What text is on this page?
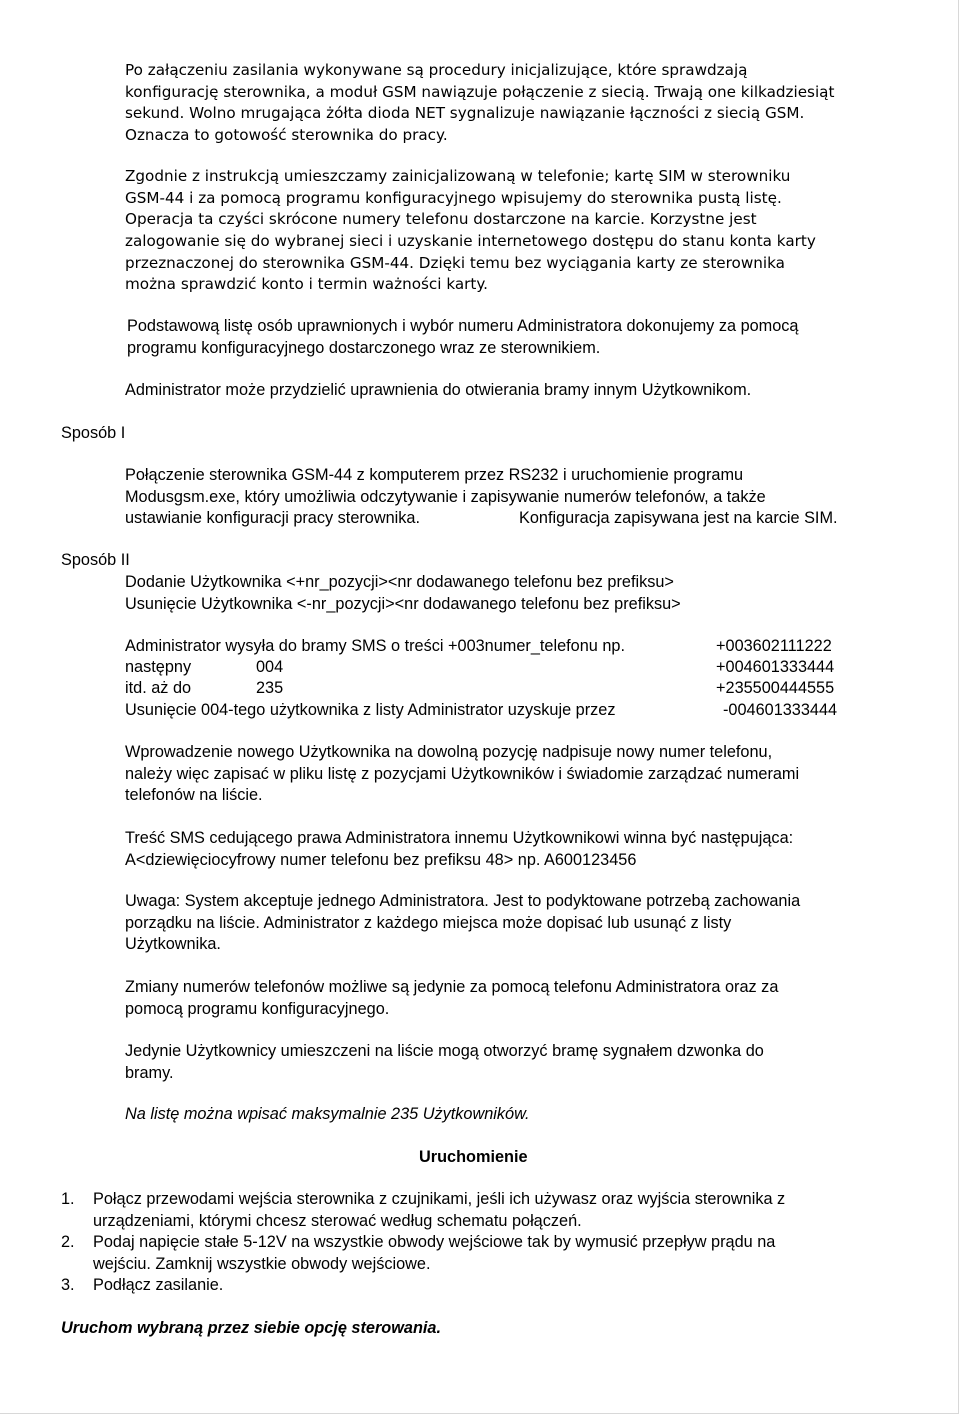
Po załączeniu zasilania wykonywane są procedury inicjalizujące, które sprawdzają
konfigurację sterownika, a moduł GSM nawiązuje połączenie z siecią. Trwają one kilkadziesiąt
sekund. Wolno mrugająca żółta dioda NET sygnalizuje nawiązanie łączności z siecią GSM.
Oznacza to gotowość sterownika do pracy.
Zgodnie z instrukcją umieszczamy zainicjalizowaną w telefonie; kartę SIM w sterowniku
GSM-44 i za pomocą programu konfiguracyjnego wpisujemy do sterownika pustą listę.
Operacja ta czyści skrócone numery telefonu dostarczone na karcie. Korzystne jest
zalogowanie się do wybranej sieci i uzyskanie internetowego dostępu do stanu konta karty
przeznaczonej do sterownika GSM-44. Dzięki temu bez wyciągania karty ze sterownika
można sprawdzić konto i termin ważności karty.
Podstawową listę osób uprawnionych i wybór numeru Administratora dokonujemy za pomocą
programu konfiguracyjnego dostarczonego wraz ze sterownikiem.
Administrator może przydzielić uprawnienia do otwierania bramy innym Użytkownikom.
Sposób I
Połączenie sterownika GSM-44 z komputerem przez RS232 i uruchomienie programu
Modusgsm.exe, który umożliwia odczytywanie i zapisywanie numerów telefonów, a także
ustawianie konfiguracji pracy sterownika.	Konfiguracja zapisywana jest na karcie SIM.
Sposób II
Dodanie Użytkownika <+nr_pozycji><nr dodawanego telefonu bez prefiksu>
Usunięcie Użytkownika <-nr_pozycji><nr dodawanego telefonu bez prefiksu>
Administrator wysyła do bramy SMS o treści +003numer_telefonu np.	+003602111222
następny	004	+004601333444
itd. aż do	235	+235500444555
Usunięcie 004-tego użytkownika z listy Administrator uzyskuje przez	-004601333444
Wprowadzenie nowego Użytkownika na dowolną pozycję nadpisuje nowy numer telefonu,
należy więc zapisać w pliku listę z pozycjami Użytkowników i świadomie zarządzać numerami
telefonów na liście.
Treść SMS cedującego prawa Administratora innemu Użytkownikowi winna być następująca:
A<dziewięciocyfrowy numer telefonu bez prefiksu 48> np. A600123456
Uwaga: System akceptuje jednego Administratora. Jest to podyktowane potrzebą zachowania
porządku na liście. Administrator z każdego miejsca może dopisać lub usunąć z listy
Użytkownika.
Zmiany numerów telefonów możliwe są jedynie za pomocą telefonu Administratora oraz za
pomocą programu konfiguracyjnego.
Jedynie Użytkownicy umieszczeni na liście mogą otworzyć bramę sygnałem dzwonka do
bramy.
Na listę można wpisać maksymalnie 235 Użytkowników.
Uruchomienie
1. Połącz przewodami wejścia sterownika z czujnikami, jeśli ich używasz oraz wyjścia sterownika z
urządzeniami, którymi chcesz sterować według schematu połączeń.
2. Podaj napięcie stałe 5-12V na wszystkie obwody wejściowe tak by wymusić przepływ prądu na
wejściu. Zamknij wszystkie obwody wejściowe.
3. Podłącz zasilanie.
Uruchom wybraną przez siebie opcję sterowania.
